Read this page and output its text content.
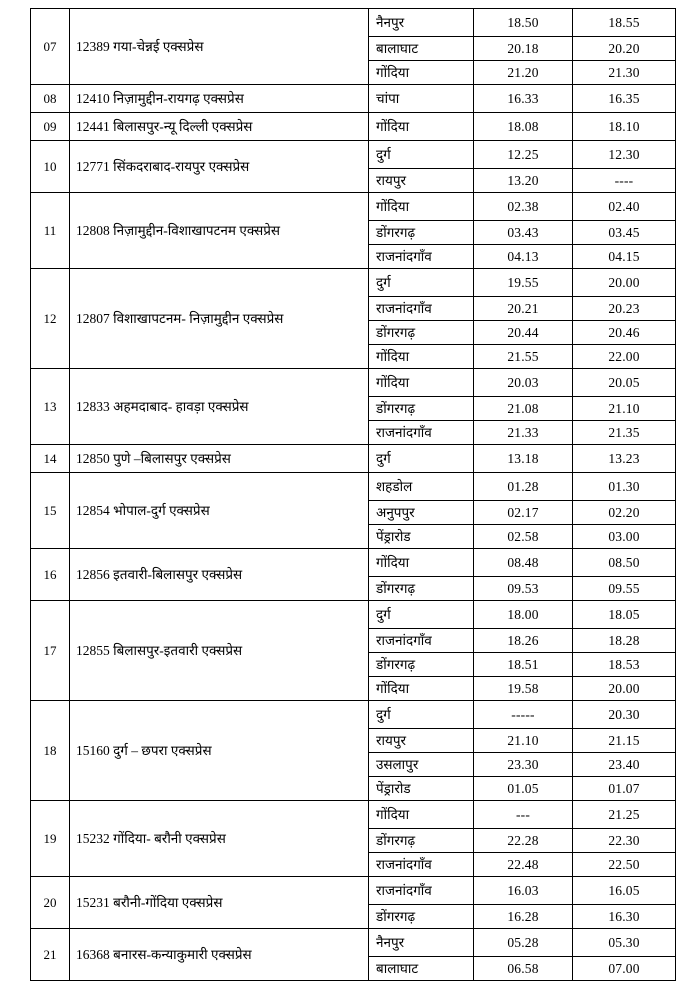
07	12389 गया-चेन्नई एक्सप्रेस	नैनपुर	18.50	18.55

		बालाघाट	20.18	20.20

		गोंदिया	21.20	21.30

08	12410 निज़ामुद्दीन-रायगढ़ एक्सप्रेस	चांपा	16.33	16.35

09	12441 बिलासपुर-न्यू दिल्ली एक्सप्रेस	गोंदिया	18.08	18.10

10	12771 सिंकदराबाद-रायपुर एक्सप्रेस	दुर्ग	12.25	12.30

		रायपुर	13.20	----

11	12808 निज़ामुद्दीन-विशाखापटनम एक्सप्रेस	गोंदिया	02.38	02.40

		डोंगरगढ़	03.43	03.45

		राजनांदगाँव	04.13	04.15

12	12807 विशाखापटनम- निज़ामुद्दीन एक्सप्रेस	दुर्ग	19.55	20.00

		राजनांदगाँव	20.21	20.23

		डोंगरगढ़	20.44	20.46

		गोंदिया	21.55	22.00

13	12833 अहमदाबाद- हावड़ा एक्सप्रेस	गोंदिया	20.03	20.05

		डोंगरगढ़	21.08	21.10

		राजनांदगाँव	21.33	21.35

14	12850 पुणे –बिलासपुर एक्सप्रेस	दुर्ग	13.18	13.23

15	12854 भोपाल-दुर्ग एक्सप्रेस	शहडोल	01.28	01.30

		अनुपपुर	02.17	02.20

		पेंड्रारोड	02.58	03.00

16	12856 इतवारी-बिलासपुर एक्सप्रेस	गोंदिया	08.48	08.50

		डोंगरगढ़	09.53	09.55

17	12855 बिलासपुर-इतवारी एक्सप्रेस	दुर्ग	18.00	18.05

		राजनांदगाँव	18.26	18.28

		डोंगरगढ़	18.51	18.53

		गोंदिया	19.58	20.00

18	15160 दुर्ग – छपरा एक्सप्रेस	दुर्ग	-----	20.30

		रायपुर	21.10	21.15

		उसलापुर	23.30	23.40

		पेंड्रारोड	01.05	01.07

19	15232 गोंदिया- बरौनी एक्सप्रेस	गोंदिया	---	21.25

		डोंगरगढ़	22.28	22.30

		राजनांदगाँव	22.48	22.50

20	15231 बरौनी-गोंदिया एक्सप्रेस	राजनांदगाँव	16.03	16.05

		डोंगरगढ़	16.28	16.30

21	16368 बनारस-कन्याकुमारी एक्सप्रेस	नैनपुर	05.28	05.30

		बालाघाट	06.58	07.00
